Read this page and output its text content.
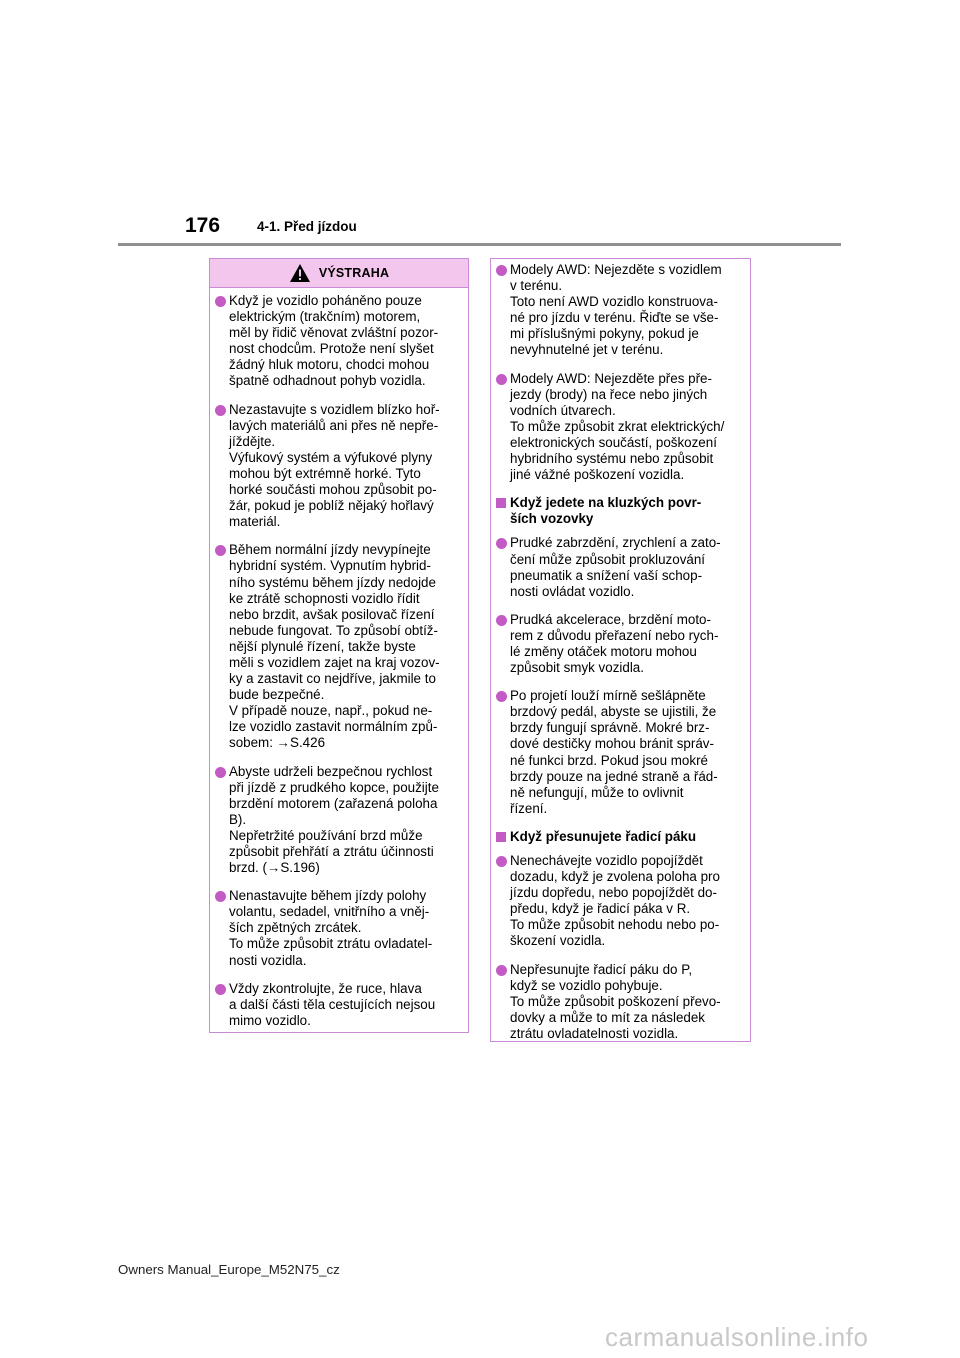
176	4-1. Před jízdou
VÝSTRAHA
Když je vozidlo poháněno pouze
elektrickým (trakčním) motorem,
měl by řidič věnovat zvláštní pozor-
nost chodcům. Protože není slyšet
žádný hluk motoru, chodci mohou
špatně odhadnout pohyb vozidla.
Nezastavujte s vozidlem blízko hoř-
lavých materiálů ani přes ně nepře-
jíždějte.
Výfukový systém a výfukové plyny
mohou být extrémně horké. Tyto
horké součásti mohou způsobit po-
žár, pokud je poblíž nějaký hořlavý
materiál.
Během normální jízdy nevypínejte
hybridní systém. Vypnutím hybrid-
ního systému během jízdy nedojde
ke ztrátě schopnosti vozidlo řídit
nebo brzdit, avšak posilovač řízení
nebude fungovat. To způsobí obtíž-
nější plynulé řízení, takže byste
měli s vozidlem zajet na kraj vozov-
ky a zastavit co nejdříve, jakmile to
bude bezpečné.
V případě nouze, např., pokud ne-
lze vozidlo zastavit normálním způ-
sobem: →S.426
Abyste udrželi bezpečnou rychlost
při jízdě z prudkého kopce, použijte
brzdění motorem (zařazená poloha
B).
Nepřetržité používání brzd může
způsobit přehřátí a ztrátu účinnosti
brzd. (→S.196)
Nenastavujte během jízdy polohy
volantu, sedadel, vnitřního a vněj-
ších zpětných zrcátek.
To může způsobit ztrátu ovladatel-
nosti vozidla.
Vždy zkontrolujte, že ruce, hlava
a další části těla cestujících nejsou
mimo vozidlo.
Modely AWD: Nejezděte s vozidlem
v terénu.
Toto není AWD vozidlo konstruova-
né pro jízdu v terénu. Řiďte se vše-
mi příslušnými pokyny, pokud je
nevyhnutelné jet v terénu.
Modely AWD: Nejezděte přes pře-
jezdy (brody) na řece nebo jiných
vodních útvarech.
To může způsobit zkrat elektrických/
elektronických součástí, poškození
hybridního systému nebo způsobit
jiné vážné poškození vozidla.
Když jedete na kluzkých povr-
ších vozovky
Prudké zabrzdění, zrychlení a zato-
čení může způsobit prokluzování
pneumatik a snížení vaší schop-
nosti ovládat vozidlo.
Prudká akcelerace, brzdění moto-
rem z důvodu přeřazení nebo rych-
lé změny otáček motoru mohou
způsobit smyk vozidla.
Po projetí louží mírně sešlápněte
brzdový pedál, abyste se ujistili, že
brzdy fungují správně. Mokré brz-
dové destičky mohou bránit správ-
né funkci brzd. Pokud jsou mokré
brzdy pouze na jedné straně a řád-
ně nefungují, může to ovlivnit
řízení.
Když přesunujete řadicí páku
Nenechávejte vozidlo popojíždět
dozadu, když je zvolena poloha pro
jízdu dopředu, nebo popojíždět do-
předu, když je řadicí páka v R.
To může způsobit nehodu nebo po-
škození vozidla.
Nepřesunujte řadicí páku do P,
když se vozidlo pohybuje.
To může způsobit poškození převo-
dovky a může to mít za následek
ztrátu ovladatelnosti vozidla.
Owners Manual_Europe_M52N75_cz
carmanualsonline.info
